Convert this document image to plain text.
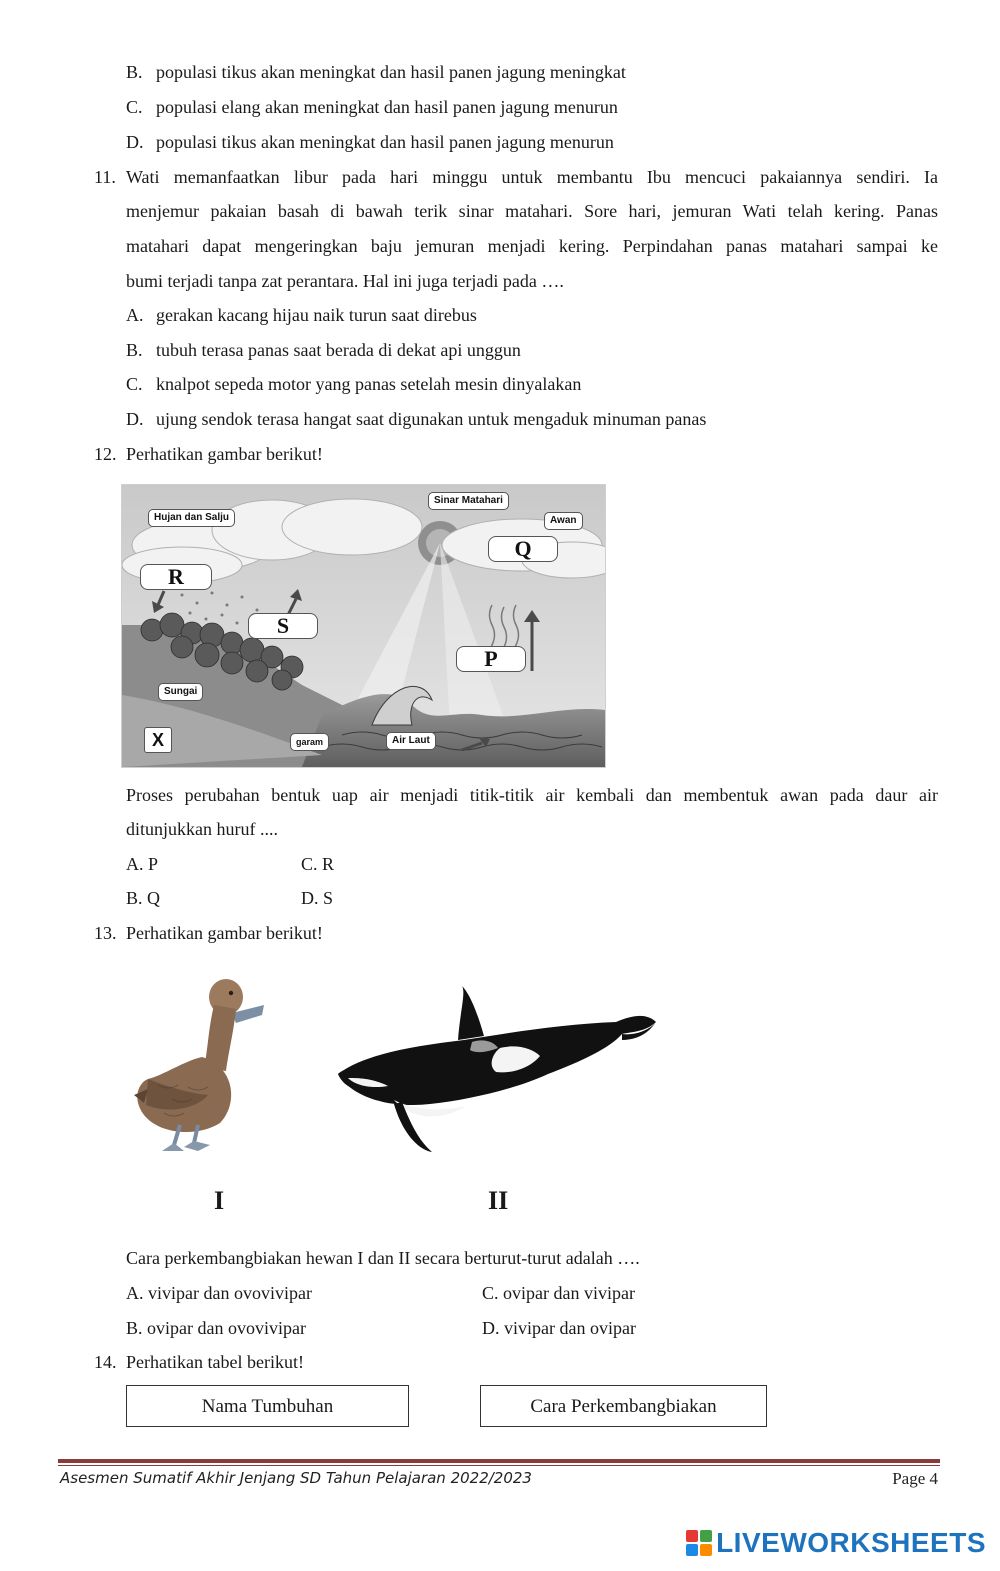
B. populasi tikus akan meningkat dan hasil panen jagung meningkat
C. populasi elang akan meningkat dan hasil panen jagung menurun
D. populasi tikus akan meningkat dan hasil panen jagung menurun
11. Wati memanfaatkan libur pada hari minggu untuk membantu Ibu mencuci pakaiannya sendiri. Ia
menjemur pakaian basah di bawah terik sinar matahari. Sore hari, jemuran Wati telah kering. Panas
matahari dapat mengeringkan baju jemuran menjadi kering. Perpindahan panas matahari sampai ke
bumi terjadi tanpa zat perantara. Hal ini juga terjadi pada ….
A. gerakan kacang hijau naik turun saat direbus
B. tubuh terasa panas saat berada di dekat api unggun
C. knalpot sepeda motor yang panas setelah mesin dinyalakan
D. ujung sendok terasa hangat saat digunakan untuk mengaduk minuman panas
12. Perhatikan gambar berikut!
Sinar Matahari
Hujan dan Salju	Awan
Q
R
S
P
Sungai
X	garam	Air Laut
Proses perubahan bentuk uap air menjadi titik-titik air kembali dan membentuk awan pada daur air
ditunjukkan huruf ....
A. P	C. R
B. Q	D. S
13. Perhatikan gambar berikut!
I	II
Cara perkembangbiakan hewan I dan II secara berturut-turut adalah ….
A. vivipar dan ovovivipar	C. ovipar dan vivipar
B. ovipar dan ovovivipar	D. vivipar dan ovipar
14. Perhatikan tabel berikut!
Nama Tumbuhan	Cara Perkembangbiakan
Asesmen Sumatif Akhir Jenjang SD Tahun Pelajaran 2022/2023	Page 4
LIVEWORKSHEETS
